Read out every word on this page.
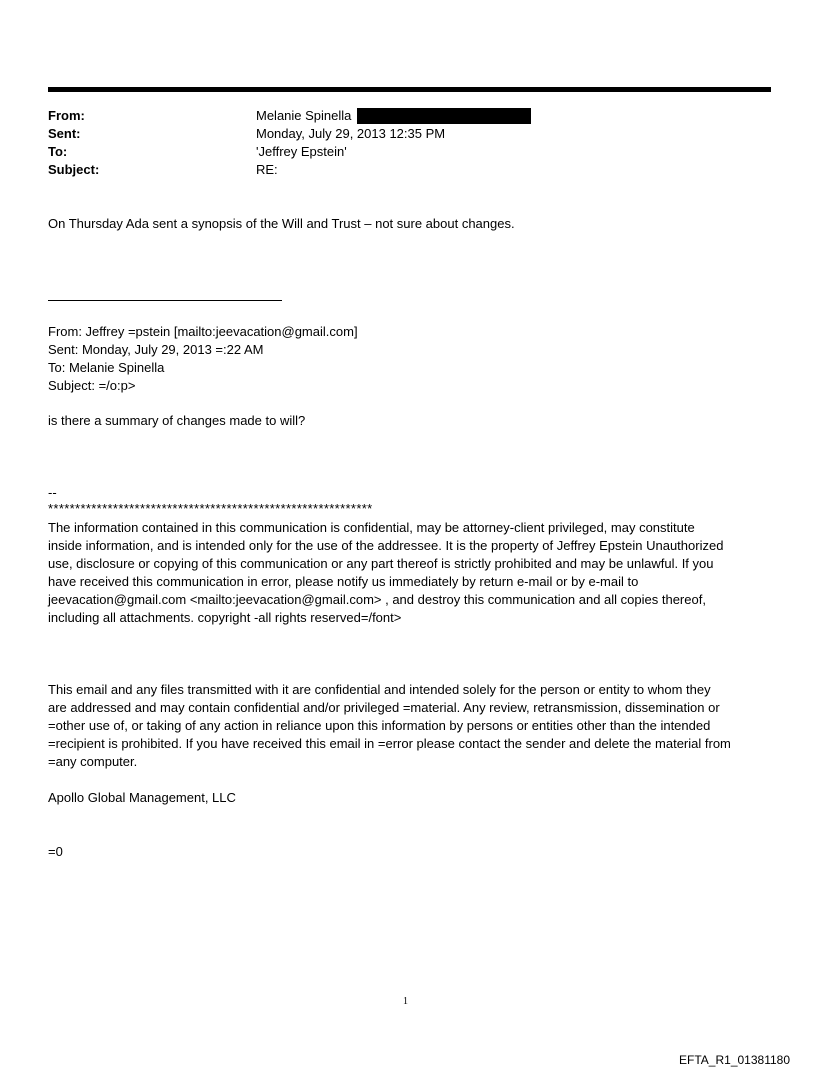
From:	Melanie Spinella
Sent:	Monday, July 29, 2013 12:35 PM
To:	'Jeffrey Epstein'
Subject:	RE:
On Thursday Ada sent a synopsis of the Will and Trust – not sure about changes.
From: Jeffrey =pstein [mailto:jeevacation@gmail.com]
Sent: Monday, July 29, 2013 =:22 AM
To: Melanie Spinella
Subject: =/o:p>
is there a summary of changes made to will?
--
************************************************************
The information contained in this communication is confidential, may be attorney-client privileged, may constitute
inside information, and is intended only for the use of the addressee. It is the property of Jeffrey Epstein Unauthorized
use, disclosure or copying of this communication or any part thereof is strictly prohibited and may be unlawful. If you
have received this communication in error, please notify us immediately by return e-mail or by e-mail to
jeevacation@gmail.com <mailto:jeevacation@gmail.com> , and destroy this communication and all copies thereof,
including all attachments. copyright -all rights reserved=/font>
This email and any files transmitted with it are confidential and intended solely for the person or entity to whom they
are addressed and may contain confidential and/or privileged =material. Any review, retransmission, dissemination or
=other use of, or taking of any action in reliance upon this information by persons or entities other than the intended
=recipient is prohibited. If you have received this email in =error please contact the sender and delete the material from
=any computer.
Apollo Global Management, LLC
=0
1
EFTA_R1_01381180
